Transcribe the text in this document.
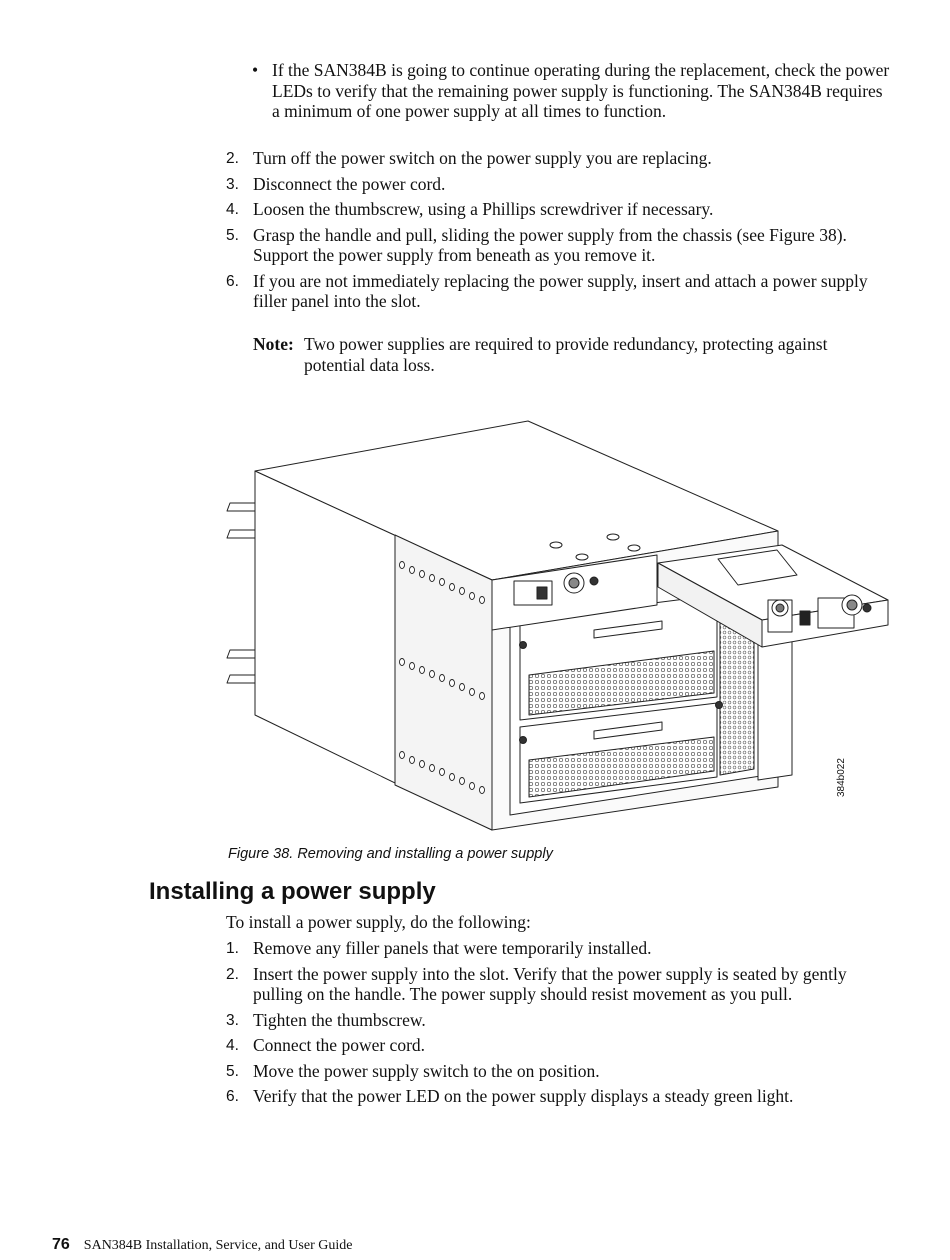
• If the SAN384B is going to continue operating during the replacement, check the power LEDs to verify that the remaining power supply is functioning. The SAN384B requires a minimum of one power supply at all times to function.
2. Turn off the power switch on the power supply you are replacing.
3. Disconnect the power cord.
4. Loosen the thumbscrew, using a Phillips screwdriver if necessary.
5. Grasp the handle and pull, sliding the power supply from the chassis (see Figure 38). Support the power supply from beneath as you remove it.
6. If you are not immediately replacing the power supply, insert and attach a power supply filler panel into the slot.
Note: Two power supplies are required to provide redundancy, protecting against potential data loss.
384b022
Figure 38. Removing and installing a power supply
Installing a power supply
To install a power supply, do the following:
1. Remove any filler panels that were temporarily installed.
2. Insert the power supply into the slot. Verify that the power supply is seated by gently pulling on the handle. The power supply should resist movement as you pull.
3. Tighten the thumbscrew.
4. Connect the power cord.
5. Move the power supply switch to the on position.
6. Verify that the power LED on the power supply displays a steady green light.
76 SAN384B Installation, Service, and User Guide
